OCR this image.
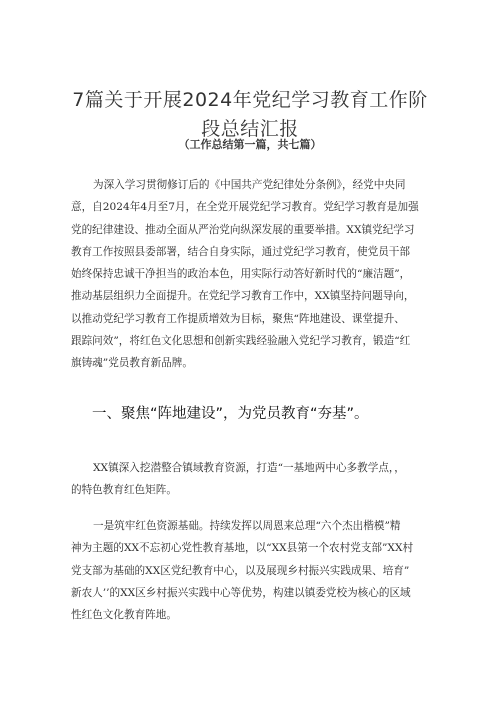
7篇关于开展2024年党纪学习教育工作阶
段总结汇报

（工作总结第一篇，共七篇）

为深入学习贯彻修订后的《中国共产党纪律处分条例》，经党中央同
意，自2024年4月至7月，在全党开展党纪学习教育。党纪学习教育是加强
党的纪律建设、推动全面从严治党向纵深发展的重要举措。XX镇党纪学习
教育工作按照县委部署，结合自身实际，通过党纪学习教育，使党员干部
始终保持忠诚干净担当的政治本色，用实际行动答好新时代的“廉洁题”，
推动基层组织力全面提升。在党纪学习教育工作中，XX镇坚持问题导向，
以推动党纪学习教育工作提质增效为目标，聚焦“阵地建设、课堂提升、
跟踪问效”，将红色文化思想和创新实践经验融入党纪学习教育，锻造“红
旗铸魂”党员教育新品牌。
一、聚焦“阵地建设”，为党员教育“夯基”。
XX镇深入挖潜整合镇域教育资源，打造“一基地两中心多教学点，，
的特色教育红色矩阵。
一是筑牢红色资源基础。持续发挥以周恩来总理“六个杰出楷模”精
神为主题的XX不忘初心党性教育基地，以“XX县第一个农村党支部”XX村
党支部为基础的XX区党纪教育中心，以及展现乡村振兴实践成果、培育”
新农人’’的XX区乡村振兴实践中心等优势，构建以镇委党校为核心的区域
性红色文化教育阵地。
